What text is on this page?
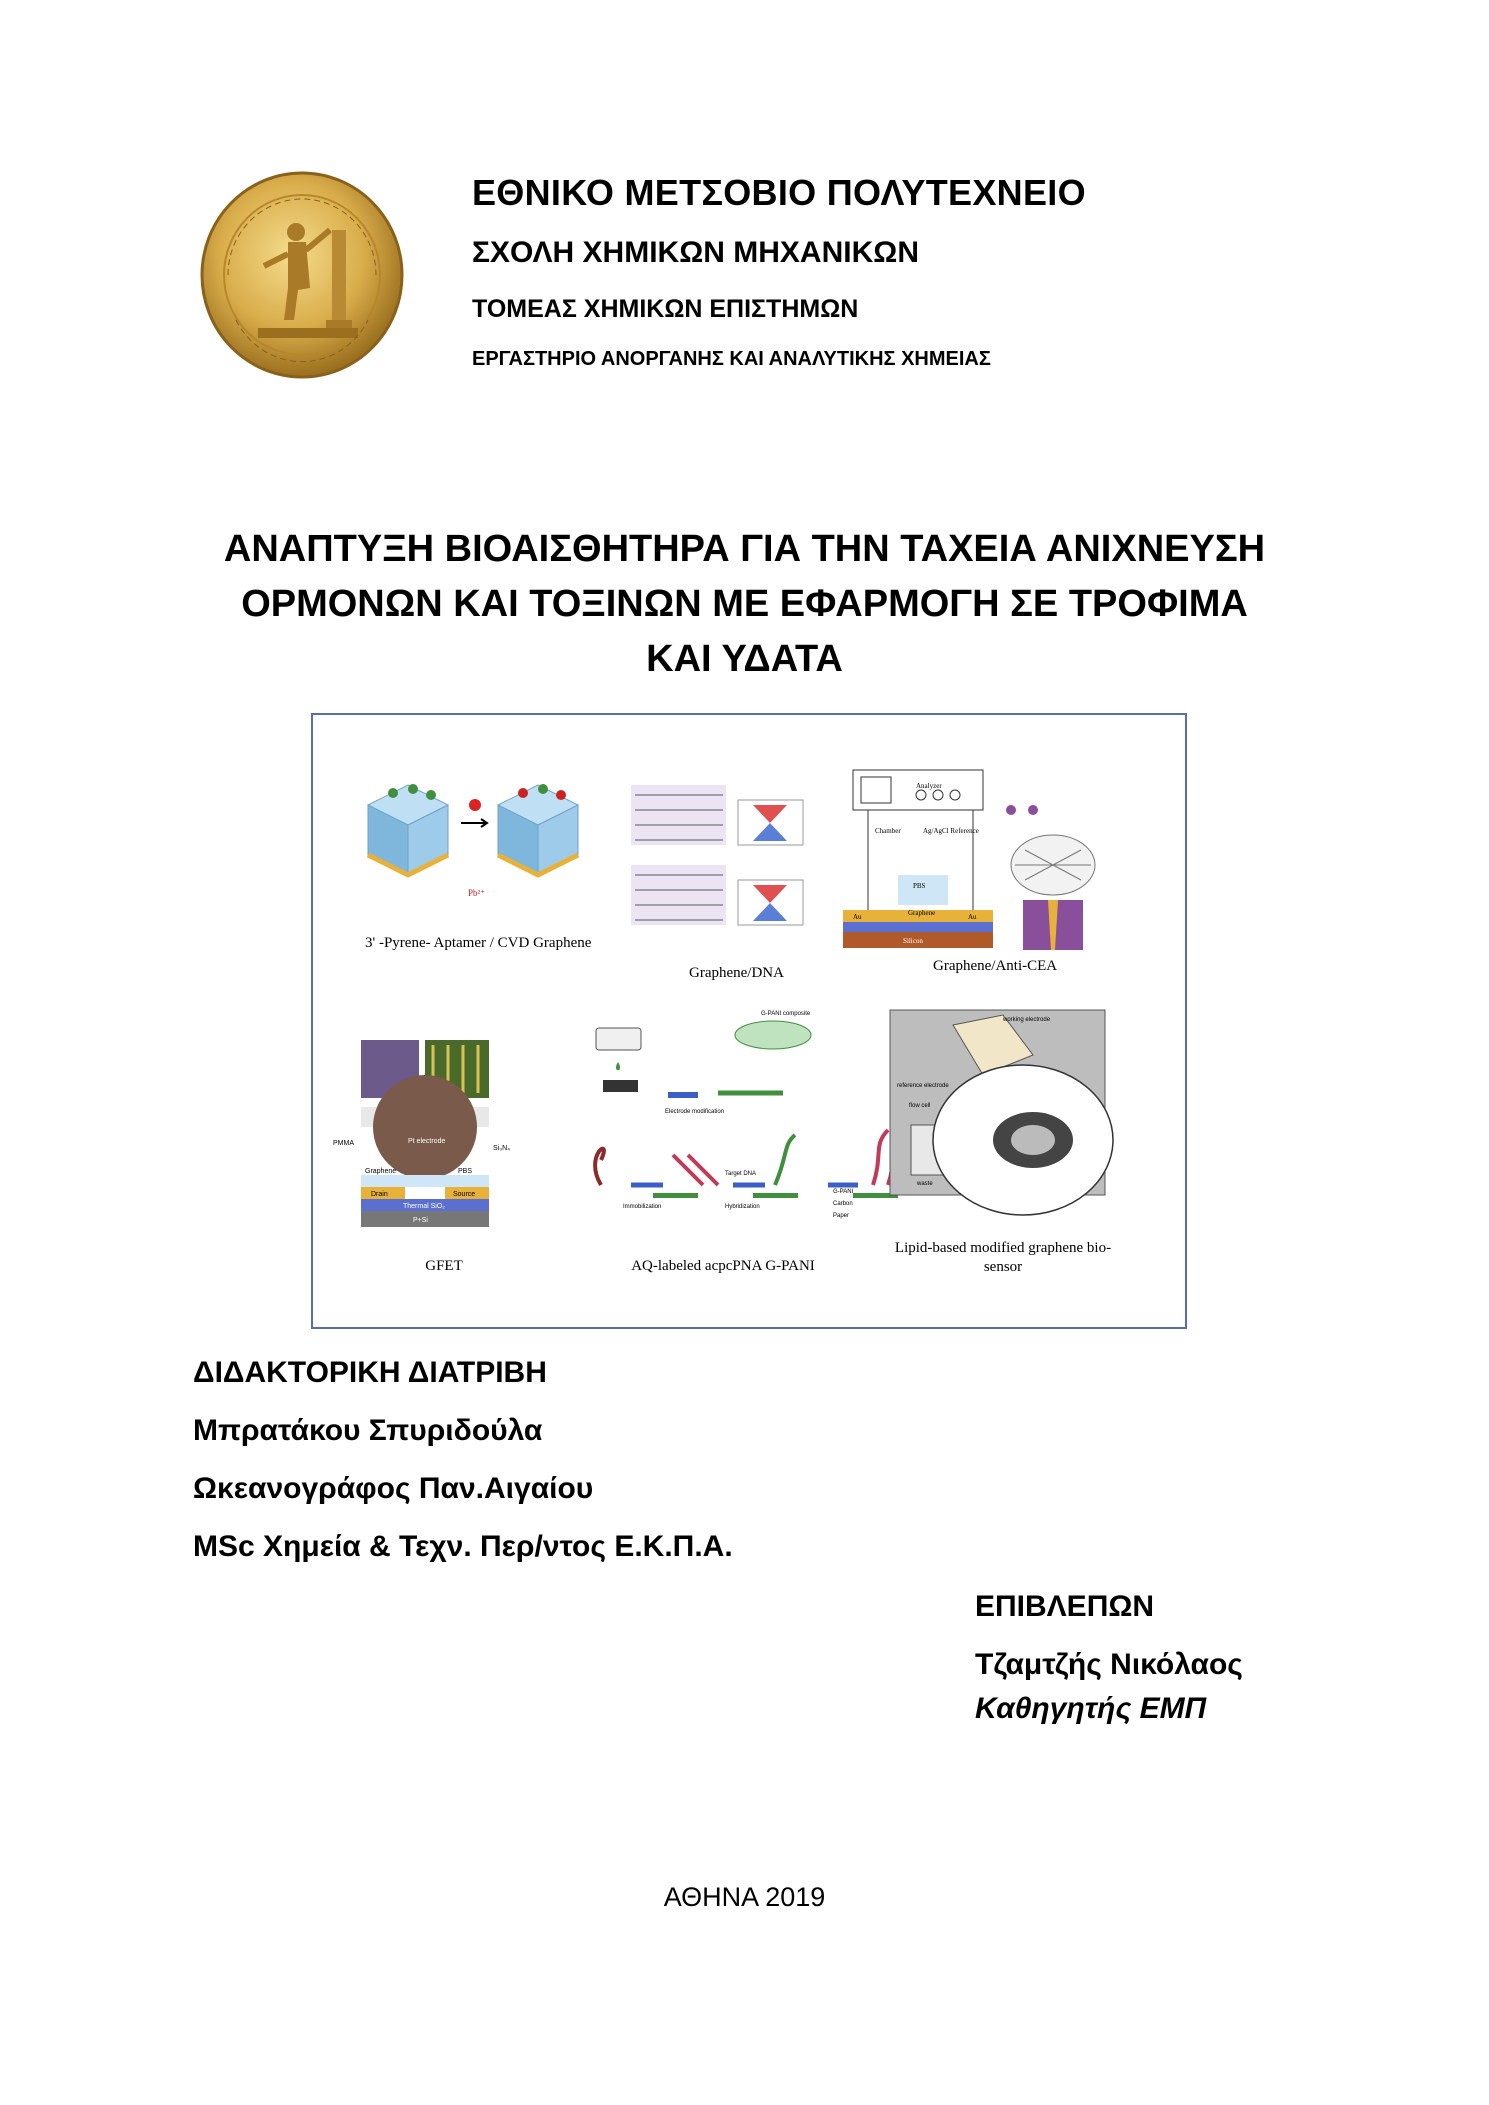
ΕΘΝΙΚΟ ΜΕΤΣΟΒΙΟ ΠΟΛΥΤΕΧΝΕΙΟ
ΣΧΟΛΗ ΧΗΜΙΚΩΝ ΜΗΧΑΝΙΚΩΝ
ΤΟΜΕΑΣ ΧΗΜΙΚΩΝ ΕΠΙΣΤΗΜΩΝ
ΕΡΓΑΣΤΗΡΙΟ ΑΝΟΡΓΑΝΗΣ ΚΑΙ ΑΝΑΛΥΤΙΚΗΣ ΧΗΜΕΙΑΣ
ΑΝΑΠΤΥΞΗ ΒΙΟΑΙΣΘΗΤΗΡΑ ΓΙΑ ΤΗΝ ΤΑΧΕΙΑ ΑΝΙΧΝΕΥΣΗ
ΟΡΜΟΝΩΝ ΚΑΙ ΤΟΞΙΝΩΝ ΜΕ ΕΦΑΡΜΟΓΗ ΣΕ ΤΡΟΦΙΜΑ
ΚΑΙ ΥΔΑΤΑ
Pb²⁺
3' -Pyrene- Aptamer / CVD Graphene
Graphene/DNA	Graphene/Anti-CEA
GFET	AQ-labeled acpcPNA G-PANI
Lipid-based modified graphene bio-
sensor
Analyzer
Chamber	Ag/AgCl Reference
PBS
Graphene
Au	Au
Silicon
Pt electrode
PMMA
Graphene	PBS
Drain	Source
Thermal SiO₂
P+Si
Si₃N₄
G-PANI composite
Electrode modification
Immobilization
Target DNA
Hybridization
G-PANI
Carbon
Paper
working electrode
reference electrode
flow cell
waste
ΔΙΔΑΚΤΟΡΙΚΗ ΔΙΑΤΡΙΒΗ
Μπρατάκου Σπυριδούλα
Ωκεανογράφος Παν.Αιγαίου
MSc Χημεία & Τεχν. Περ/ντος Ε.Κ.Π.Α.
ΕΠΙΒΛΕΠΩΝ
Τζαμτζής Νικόλαος
Καθηγητής ΕΜΠ
ΑΘΗΝΑ 2019
